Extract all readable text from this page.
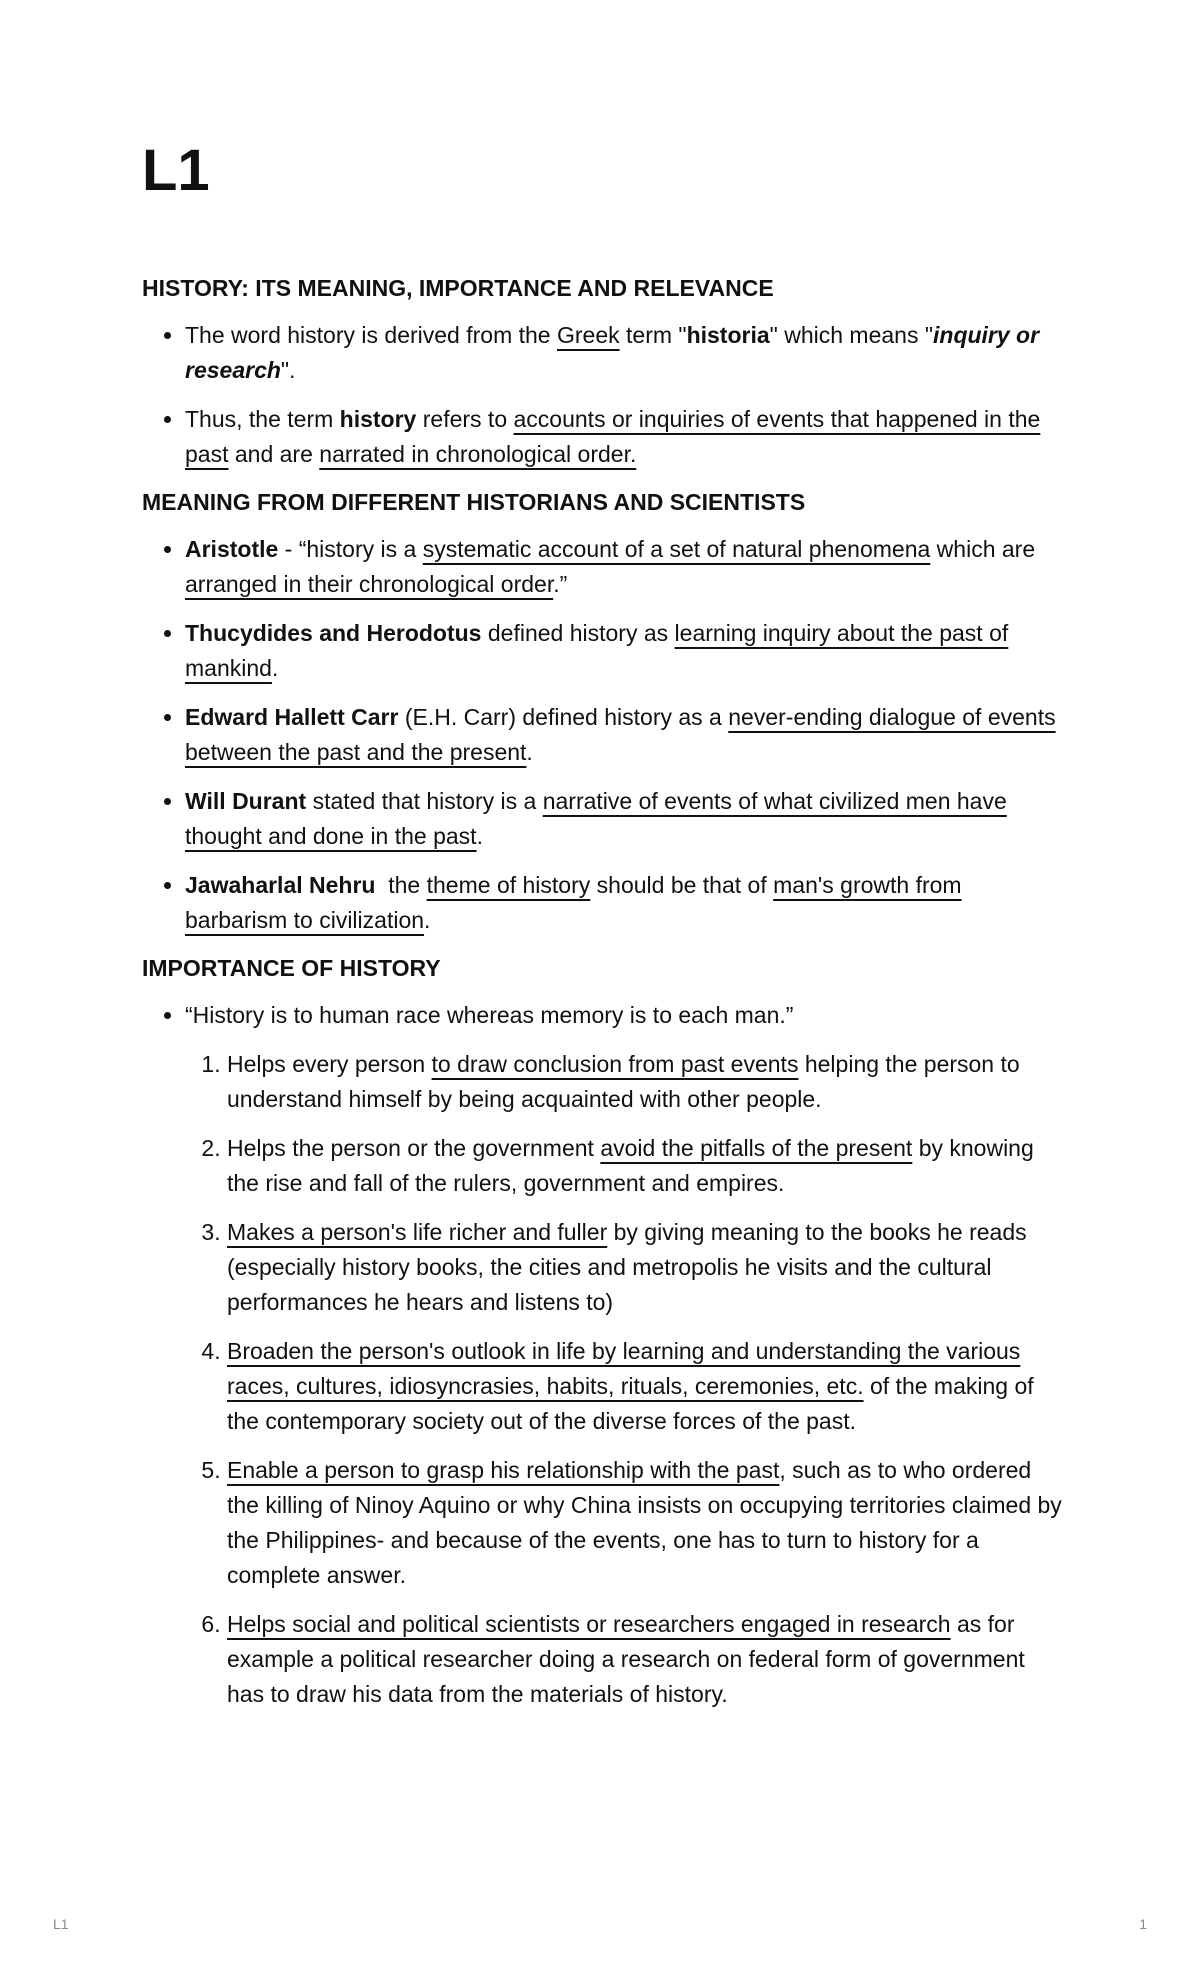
L1
HISTORY: ITS MEANING, IMPORTANCE AND RELEVANCE
• The word history is derived from the Greek term "historia" which means "inquiry or research".
• Thus, the term history refers to accounts or inquiries of events that happened in the past and are narrated in chronological order.
MEANING FROM DIFFERENT HISTORIANS AND SCIENTISTS
• Aristotle - “history is a systematic account of a set of natural phenomena which are arranged in their chronological order.”
• Thucydides and Herodotus defined history as learning inquiry about the past of mankind.
• Edward Hallett Carr (E.H. Carr) defined history as a never-ending dialogue of events between the past and the present.
• Will Durant stated that history is a narrative of events of what civilized men have thought and done in the past.
• Jawaharlal Nehru  the theme of history should be that of man's growth from barbarism to civilization.
IMPORTANCE OF HISTORY
• “History is to human race whereas memory is to each man.”
1. Helps every person to draw conclusion from past events helping the person to understand himself by being acquainted with other people.
2. Helps the person or the government avoid the pitfalls of the present by knowing the rise and fall of the rulers, government and empires.
3. Makes a person's life richer and fuller by giving meaning to the books he reads (especially history books, the cities and metropolis he visits and the cultural performances he hears and listens to)
4. Broaden the person's outlook in life by learning and understanding the various races, cultures, idiosyncrasies, habits, rituals, ceremonies, etc. of the making of the contemporary society out of the diverse forces of the past.
5. Enable a person to grasp his relationship with the past, such as to who ordered the killing of Ninoy Aquino or why China insists on occupying territories claimed by the Philippines- and because of the events, one has to turn to history for a complete answer.
6. Helps social and political scientists or researchers engaged in research as for example a political researcher doing a research on federal form of government has to draw his data from the materials of history.
L1	1
